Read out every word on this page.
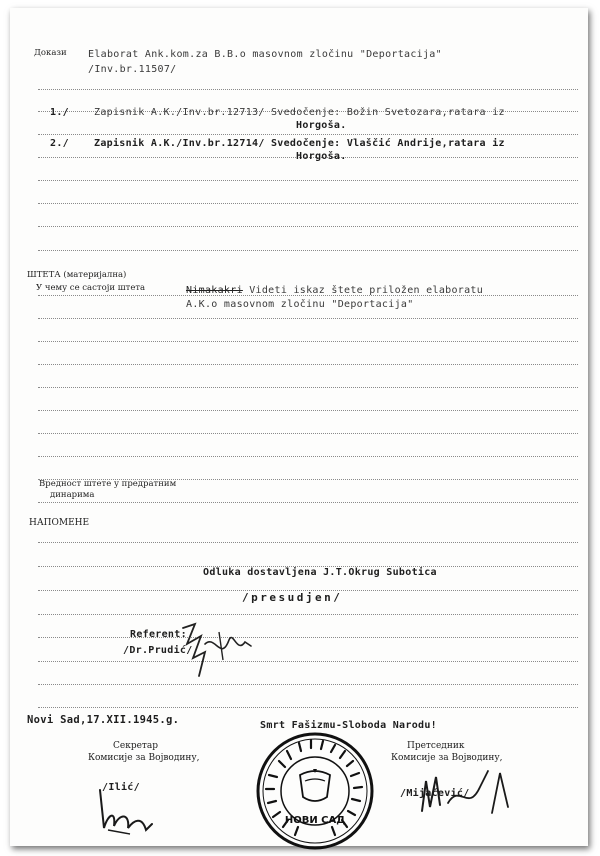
Докази Elaborat Ank.kom.za B.B.o masovnom zločinu "Deportacija"
/Inv.br.11507/
1./	Zapisnik A.K./Inv.br.12713/ Svedočenje: Božin Svetozara,ratara iz
Horgoša.
2./	Zapisnik A.K./Inv.br.12714/ Svedočenje: Vlaščić Andrije,ratara iz
Horgoša.
ШТЕТА (материјална)
У чему се састоји штета	Nimakakri Videti iskaz štete priložen elaboratu
A.K.o masovnom zločinu "Deportacija"
Вредност штете у предратним
динарима
НАПОМЕНЕ
Odluka dostavljena J.T.Okrug Subotica
/presudjen/
Referent:
/Dr.Prudić/
Novi Sad,17.XII.1945.g.	Smrt Fašizmu-Sloboda Narodu!
Секретар
Комисије за Војводину,
Претседник
Комисије за Војводину,
/Ilić/
/Mijačević/
НОВИ САД
